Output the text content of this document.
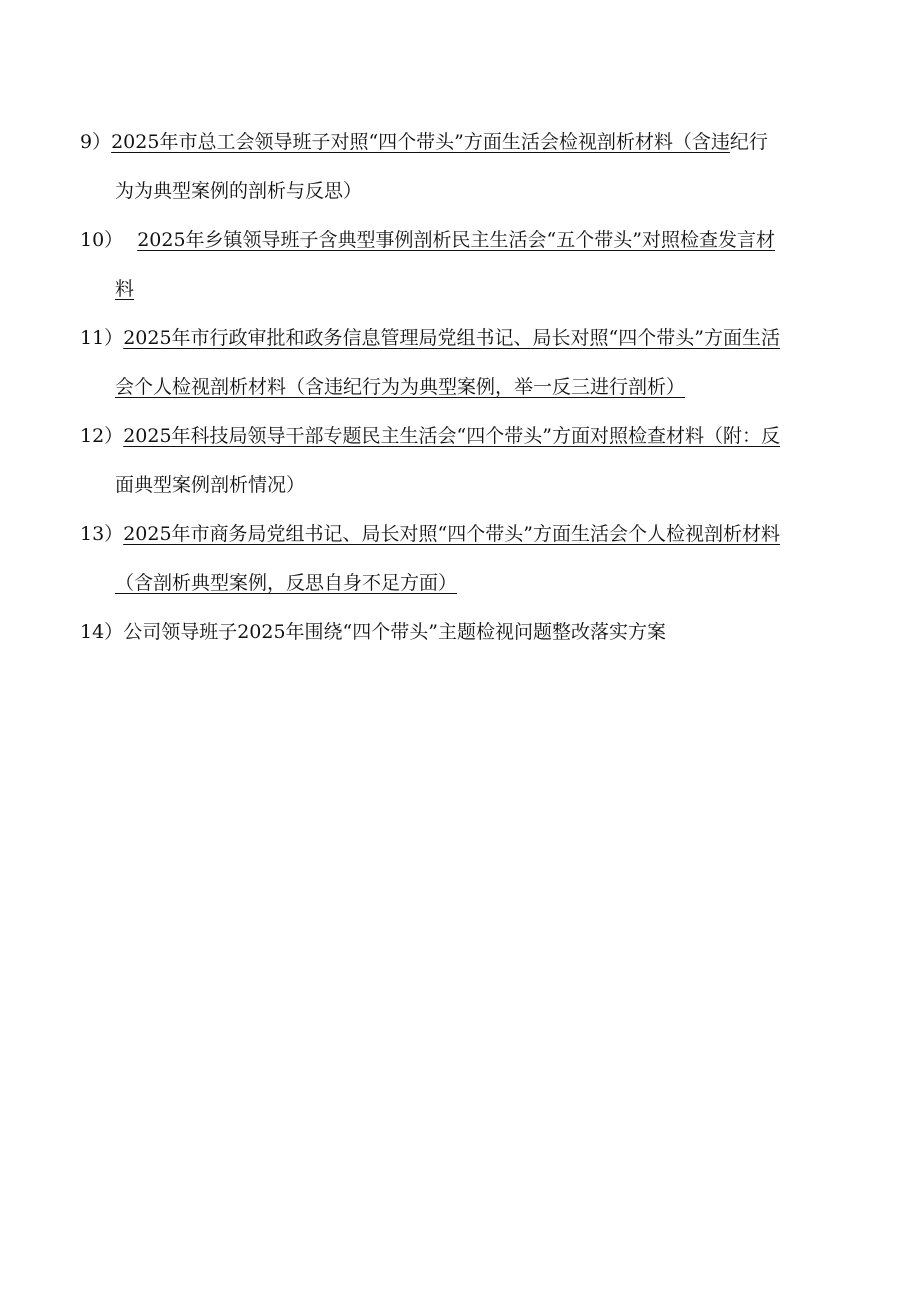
9）2025年市总工会领导班子对照“四个带头”方面生活会检视剖析材料（含违纪行
为为典型案例的剖析与反思）
10） 2025年乡镇领导班子含典型事例剖析民主生活会“五个带头”对照检查发言材
料
11）2025年市行政审批和政务信息管理局党组书记、局长对照“四个带头”方面生活
会个人检视剖析材料（含违纪行为为典型案例，举一反三进行剖析）
12）2025年科技局领导干部专题民主生活会“四个带头”方面对照检查材料（附：反
面典型案例剖析情况）
13）2025年市商务局党组书记、局长对照“四个带头”方面生活会个人检视剖析材料
（含剖析典型案例，反思自身不足方面）
14）公司领导班子2025年围绕“四个带头”主题检视问题整改落实方案
